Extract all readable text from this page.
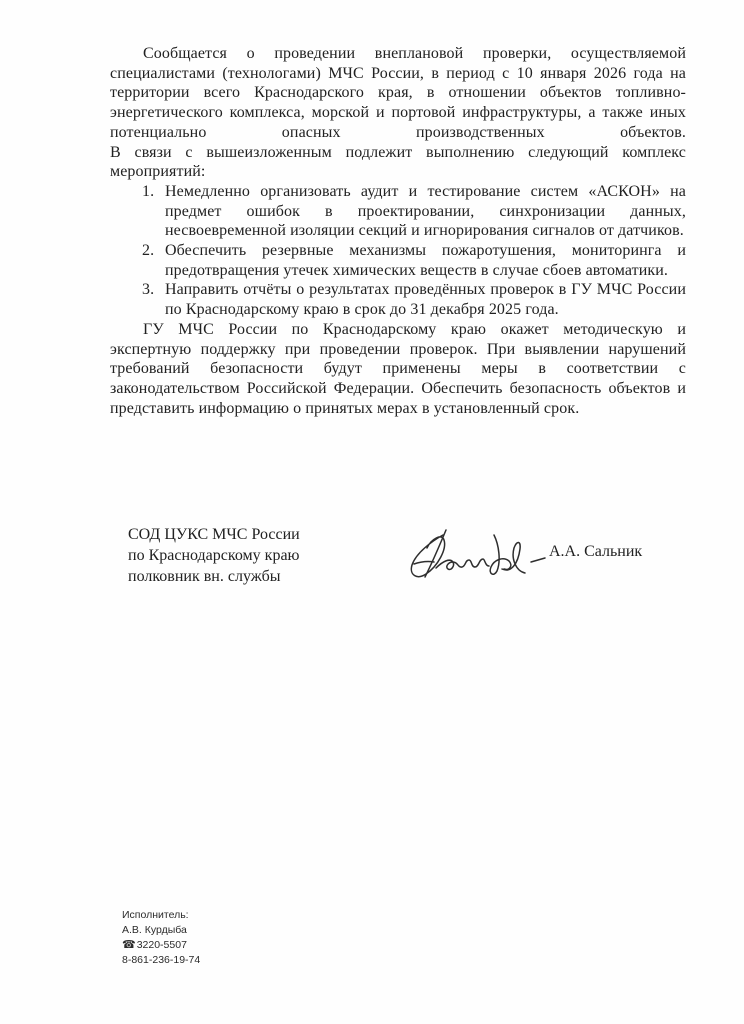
Сообщается о проведении внеплановой проверки, осуществляемой специалистами (технологами) МЧС России, в период с 10 января 2026 года на территории всего Краснодарского края, в отношении объектов топливно-энергетического комплекса, морской и портовой инфраструктуры, а также иных потенциально опасных производственных объектов.

В связи с вышеизложенным подлежит выполнению следующий комплекс мероприятий:

1. Немедленно организовать аудит и тестирование систем «АСКОН» на предмет ошибок в проектировании, синхронизации данных, несвоевременной изоляции секций и игнорирования сигналов от датчиков.
2. Обеспечить резервные механизмы пожаротушения, мониторинга и предотвращения утечек химических веществ в случае сбоев автоматики.
3. Направить отчёты о результатах проведённых проверок в ГУ МЧС России по Краснодарскому краю в срок до 31 декабря 2025 года.

ГУ МЧС России по Краснодарскому краю окажет методическую и экспертную поддержку при проведении проверок. При выявлении нарушений требований безопасности будут применены меры в соответствии с законодательством Российской Федерации. Обеспечить безопасность объектов и представить информацию о принятых мерах в установленный срок.

СОД ЦУКС МЧС России
по Краснодарскому краю
полковник вн. службы
А.А. Сальник
Исполнитель:
А.В. Курдыба
☎3220-5507
8-861-236-19-74
